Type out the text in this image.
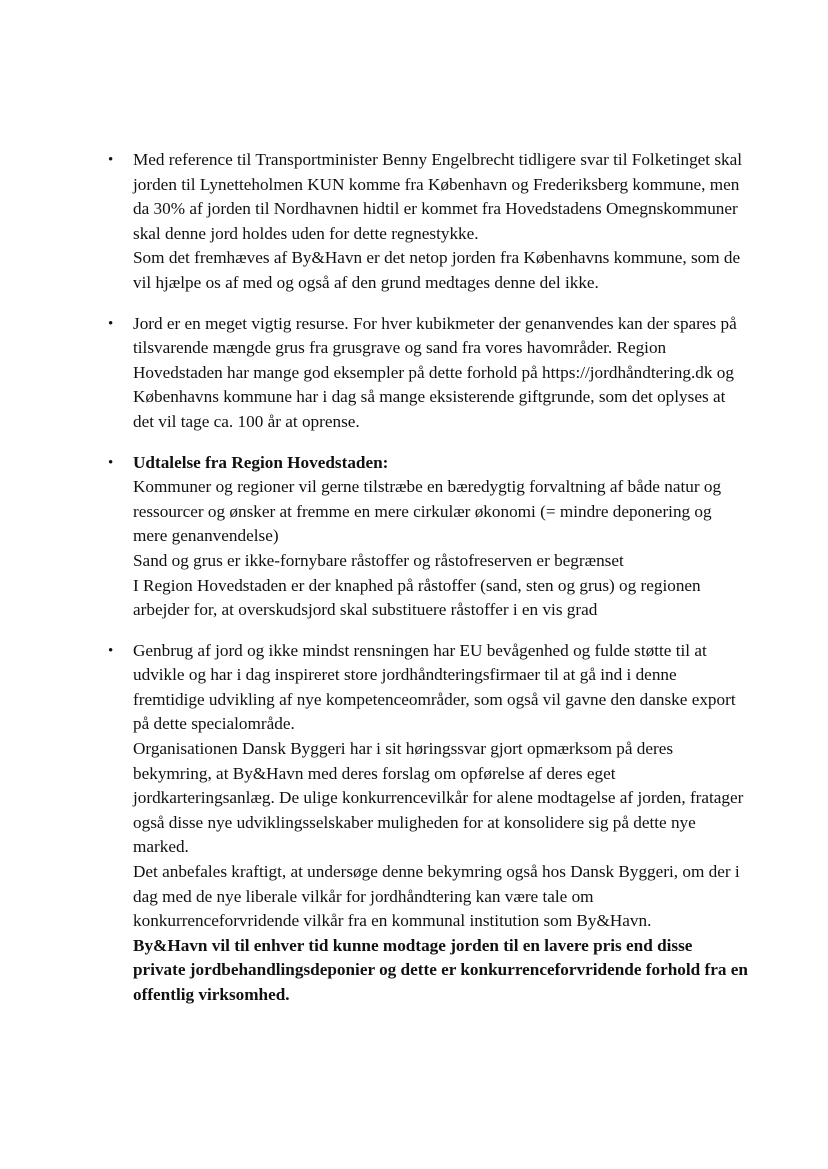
•	Med reference til Transportminister Benny Engelbrecht tidligere svar til Folketinget skal jorden til Lynetteholmen KUN komme fra København og Frederiksberg kommune, men da 30% af jorden til Nordhavnen hidtil er kommet fra Hovedstadens Omegnskommuner skal denne jord holdes uden for dette regnestykke.
Som det fremhæves af By&Havn er det netop jorden fra Københavns kommune, som de vil hjælpe os af med og også af den grund medtages denne del ikke.
•	Jord er en meget vigtig resurse. For hver kubikmeter der genanvendes kan der spares på tilsvarende mængde grus fra grusgrave og sand fra vores havområder. Region Hovedstaden har mange god eksempler på dette forhold på https://jordhåndtering.dk og Københavns kommune har i dag så mange eksisterende giftgrunde, som det oplyses at det vil tage ca. 100 år at oprense.
•	Udtalelse fra Region Hovedstaden:
Kommuner og regioner vil gerne tilstræbe en bæredygtig forvaltning af både natur og ressourcer og ønsker at fremme en mere cirkulær økonomi (= mindre deponering og mere genanvendelse)
Sand og grus er ikke-fornybare råstoffer og råstofreserven er begrænset
I Region Hovedstaden er der knaphed på råstoffer (sand, sten og grus) og regionen arbejder for, at overskudsjord skal substituere råstoffer i en vis grad
•	Genbrug af jord og ikke mindst rensningen har EU bevågenhed og fulde støtte til at udvikle og har i dag inspireret store jordhåndteringsfirmaer til at gå ind i denne fremtidige udvikling af nye kompetenceområder, som også vil gavne den danske export på dette specialområde.
Organisationen Dansk Byggeri har i sit høringssvar gjort opmærksom på deres bekymring, at By&Havn med deres forslag om opførelse af deres eget jordkarteringsanlæg. De ulige konkurrencevilkår for alene modtagelse af jorden, fratager også disse nye udviklingsselskaber muligheden for at konsolidere sig på dette nye marked.
Det anbefales kraftigt, at undersøge denne bekymring også hos Dansk Byggeri, om der i dag med de nye liberale vilkår for jordhåndtering kan være tale om konkurrenceforvridende vilkår fra en kommunal institution som By&Havn.
By&Havn vil til enhver tid kunne modtage jorden til en lavere pris end disse private jordbehandlingsdeponier og dette er konkurrenceforvridende forhold fra en offentlig virksomhed.
